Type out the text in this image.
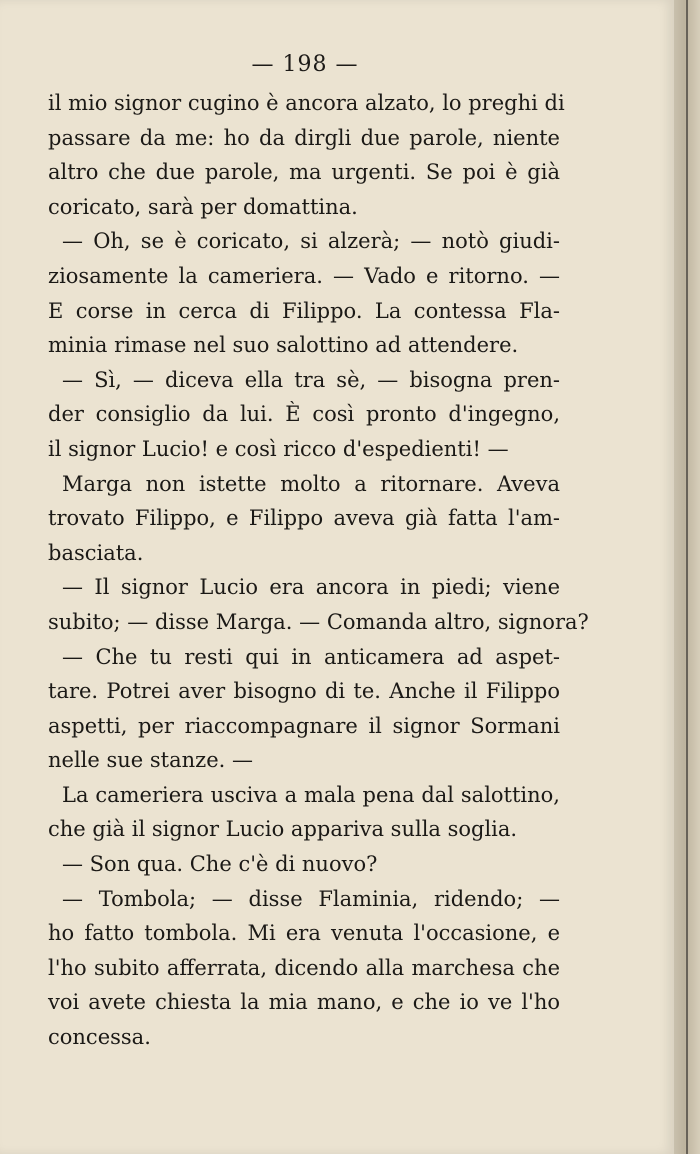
— 198 —
il mio signor cugino è ancora alzato, lo preghi di
passare da me: ho da dirgli due parole, niente
altro che due parole, ma urgenti. Se poi è già
coricato, sarà per domattina.
— Oh, se è coricato, si alzerà; — notò giudi-
ziosamente la cameriera. — Vado e ritorno. —
E corse in cerca di Filippo. La contessa Fla-
minia rimase nel suo salottino ad attendere.
— Sì, — diceva ella tra sè, — bisogna pren-
der consiglio da lui. È così pronto d'ingegno,
il signor Lucio! e così ricco d'espedienti! —
Marga non istette molto a ritornare. Aveva
trovato Filippo, e Filippo aveva già fatta l'am-
basciata.
— Il signor Lucio era ancora in piedi; viene
subito; — disse Marga. — Comanda altro, signora?
— Che tu resti qui in anticamera ad aspet-
tare. Potrei aver bisogno di te. Anche il Filippo
aspetti, per riaccompagnare il signor Sormani
nelle sue stanze. —
La cameriera usciva a mala pena dal salottino,
che già il signor Lucio appariva sulla soglia.
— Son qua. Che c'è di nuovo?
— Tombola; — disse Flaminia, ridendo; —
ho fatto tombola. Mi era venuta l'occasione, e
l'ho subito afferrata, dicendo alla marchesa che
voi avete chiesta la mia mano, e che io ve l'ho
concessa.
